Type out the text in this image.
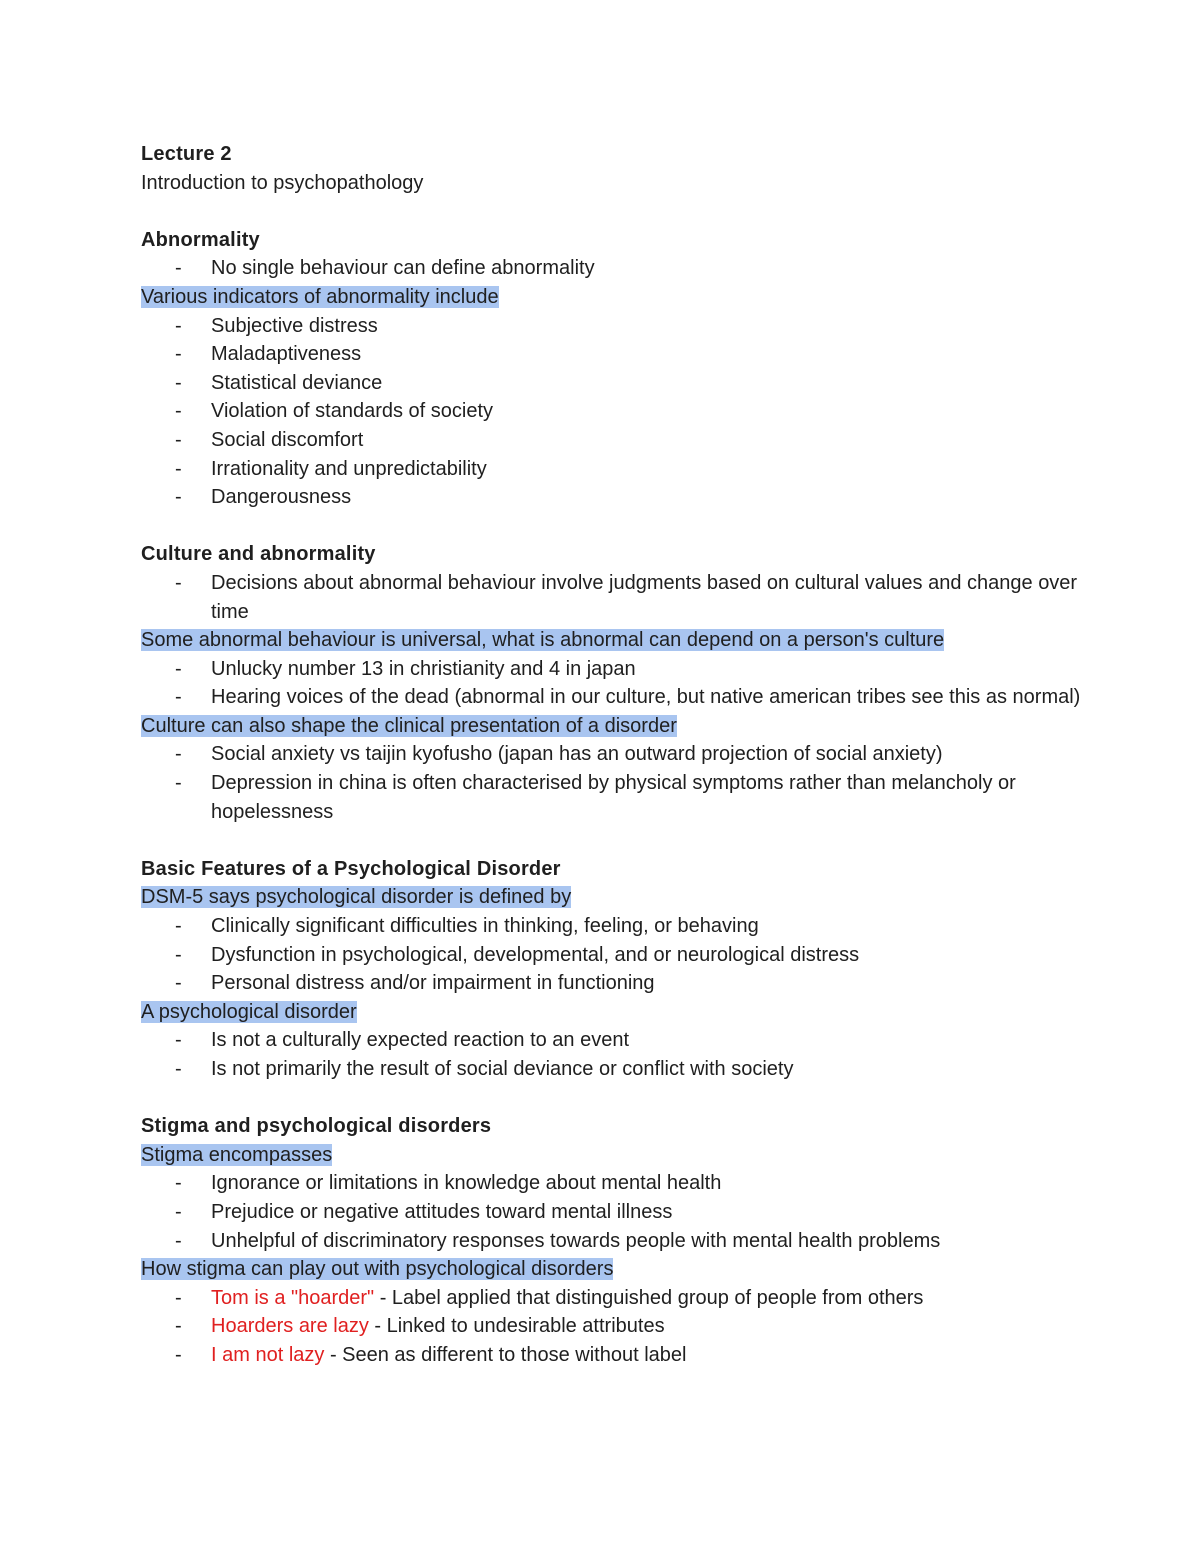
Lecture 2
Introduction to psychopathology
Abnormality
- No single behaviour can define abnormality
Various indicators of abnormality include
- Subjective distress
- Maladaptiveness
- Statistical deviance
- Violation of standards of society
- Social discomfort
- Irrationality and unpredictability
- Dangerousness
Culture and abnormality
- Decisions about abnormal behaviour involve judgments based on cultural values and change over time
Some abnormal behaviour is universal, what is abnormal can depend on a person's culture
- Unlucky number 13 in christianity and 4 in japan
- Hearing voices of the dead (abnormal in our culture, but native american tribes see this as normal)
Culture can also shape the clinical presentation of a disorder
- Social anxiety vs taijin kyofusho (japan has an outward projection of social anxiety)
- Depression in china is often characterised by physical symptoms rather than melancholy or hopelessness
Basic Features of a Psychological Disorder
DSM-5 says psychological disorder is defined by
- Clinically significant difficulties in thinking, feeling, or behaving
- Dysfunction in psychological, developmental, and or neurological distress
- Personal distress and/or impairment in functioning
A psychological disorder
- Is not a culturally expected reaction to an event
- Is not primarily the result of social deviance or conflict with society
Stigma and psychological disorders
Stigma encompasses
- Ignorance or limitations in knowledge about mental health
- Prejudice or negative attitudes toward mental illness
- Unhelpful of discriminatory responses towards people with mental health problems
How stigma can play out with psychological disorders
- Tom is a "hoarder" - Label applied that distinguished group of people from others
- Hoarders are lazy - Linked to undesirable attributes
- I am not lazy - Seen as different to those without label
